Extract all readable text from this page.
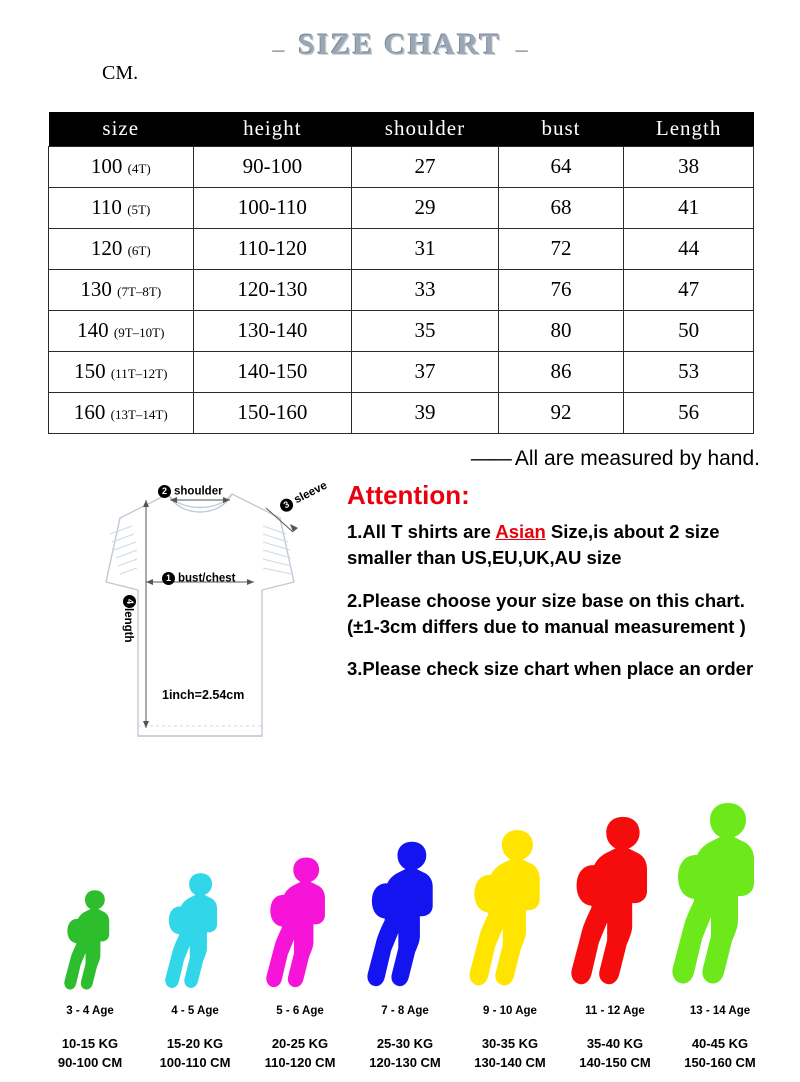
– SIZE CHART –
CM.
size	height	shoulder	bust	Length
100 (4T)	90-100	27	64	38
110 (5T)	100-110	29	68	41
120 (6T)	110-120	31	72	44
130 (7T–8T)	120-130	33	76	47
140 (9T–10T)	130-140	35	80	50
150 (11T–12T)	140-150	37	86	53
160 (13T–14T)	150-160	39	92	56
—— All are measured by hand.
2 shoulder
3sleeve
1 bust/chest
4length
1inch=2.54cm
Attention:

1.All T shirts are Asian Size,is about 2 size smaller than US,EU,UK,AU size

2.Please choose your size base on this chart.(±1-3cm differs due to manual measurement )

3.Please check size chart when place an order

3 - 4 Age
10-15 KG
90-100 CM
4 - 5 Age
15-20 KG
100-110 CM
5 - 6 Age
20-25 KG
110-120 CM
7 - 8 Age
25-30 KG
120-130 CM
9 - 10 Age
30-35 KG
130-140 CM
11 - 12 Age
35-40 KG
140-150 CM
13 - 14 Age
40-45 KG
150-160 CM
